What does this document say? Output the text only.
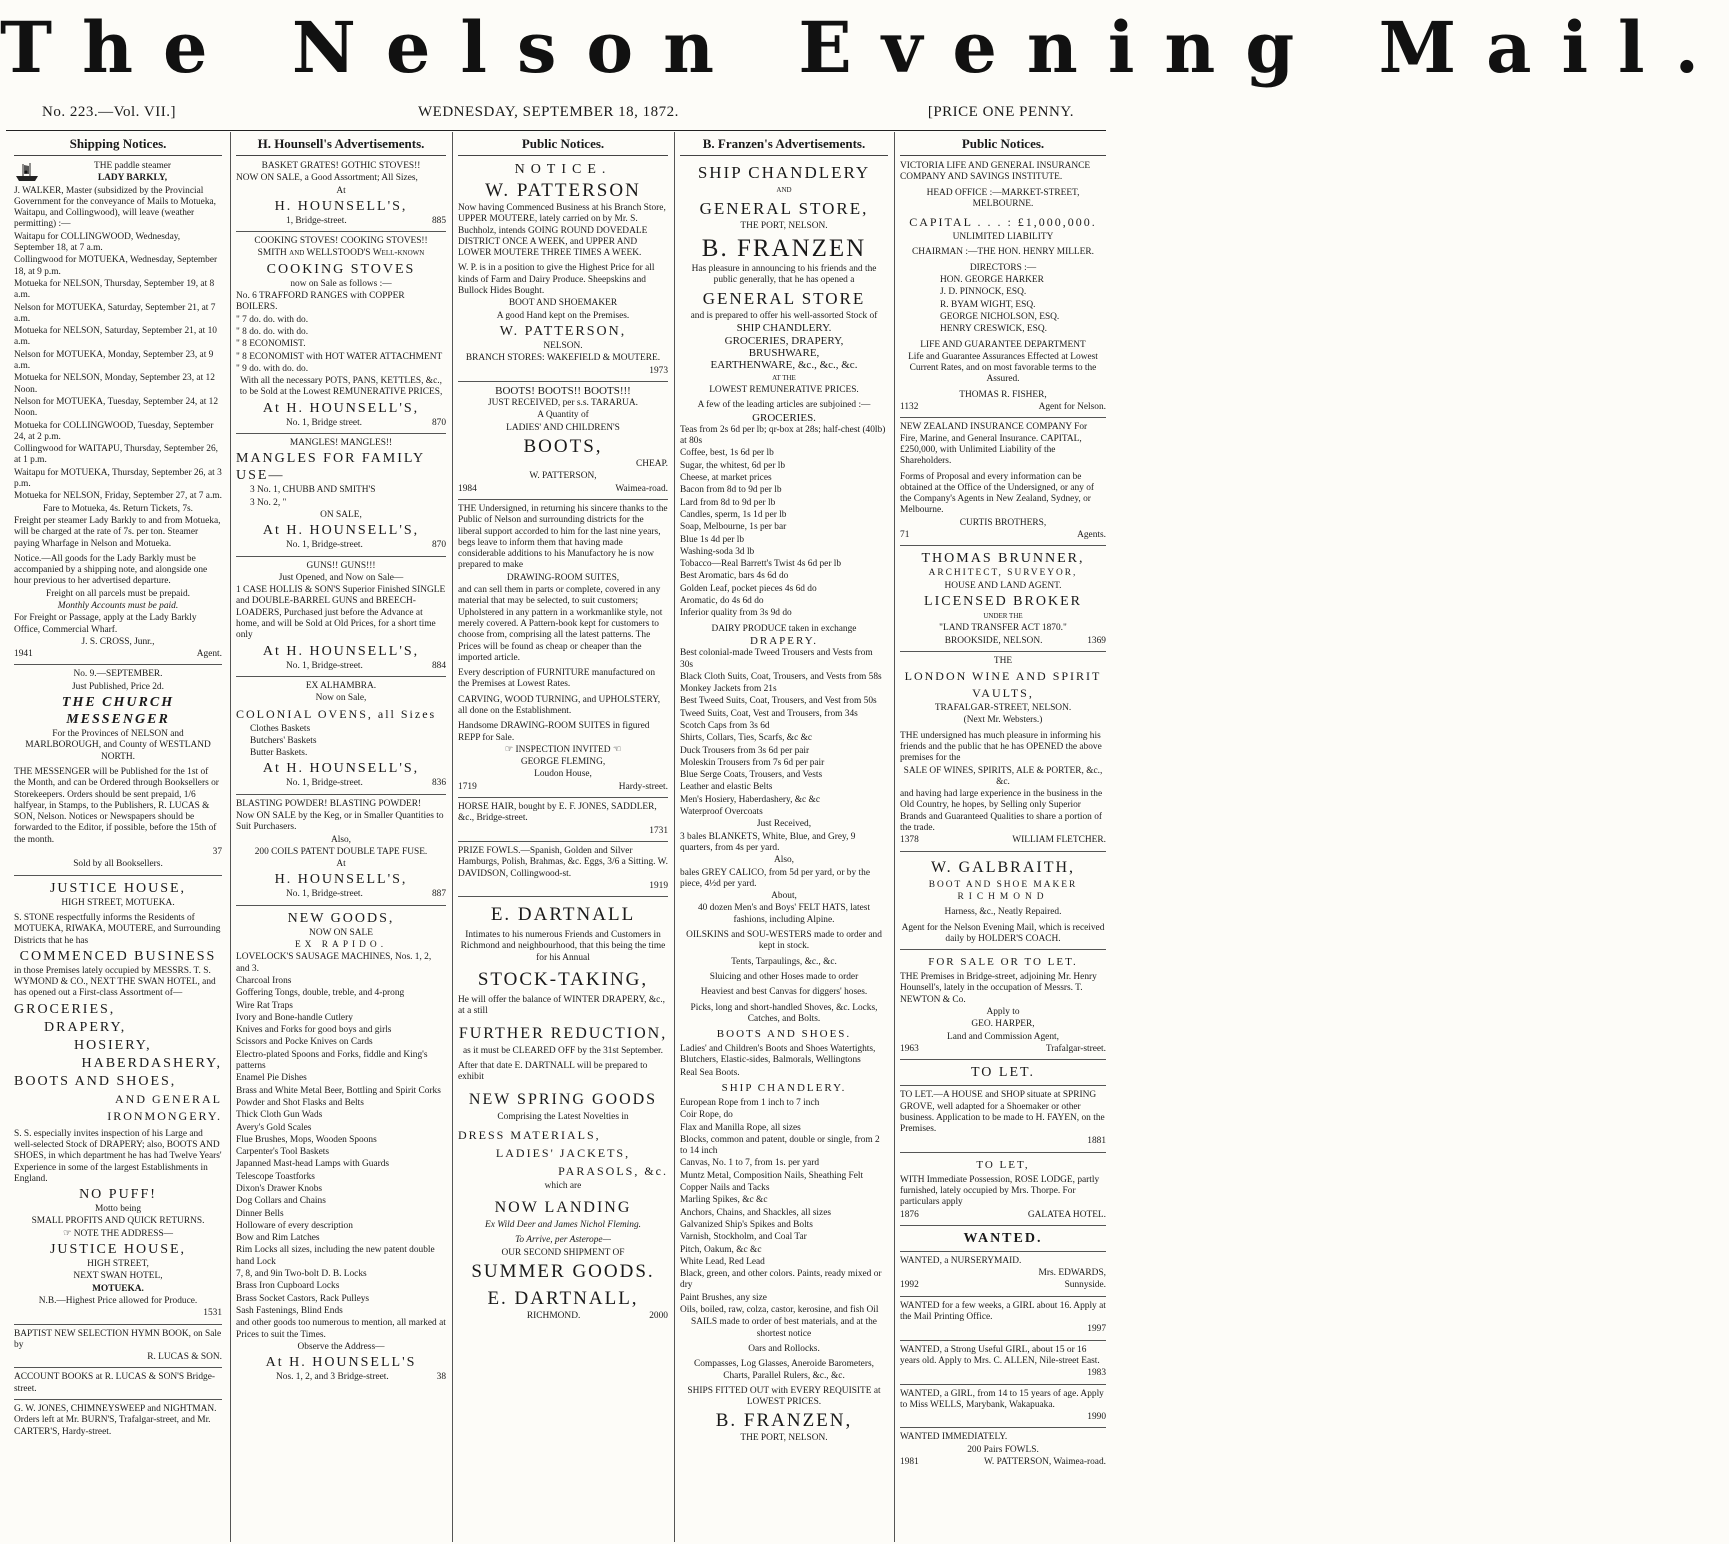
The Nelson Evening Mail.
No. 223.—Vol. VII.]	WEDNESDAY, SEPTEMBER 18, 1872.	[PRICE ONE PENNY.
Shipping Notices.

THE paddle steamer

LADY BARKLY,

J. WALKER, Master (subsidized by the Provincial Government for the conveyance of Mails to Motueka, Waitapu, and Collingwood), will leave (weather permitting) :—

Waitapu for COLLINGWOOD, Wednesday, September 18, at 7 a.m.

Collingwood for MOTUEKA, Wednesday, September 18, at 9 p.m.

Motueka for NELSON, Thursday, September 19, at 8 a.m.

Nelson for MOTUEKA, Saturday, September 21, at 7 a.m.

Motueka for NELSON, Saturday, September 21, at 10 a.m.

Nelson for MOTUEKA, Monday, September 23, at 9 a.m.

Motueka for NELSON, Monday, September 23, at 12 Noon.

Nelson for MOTUEKA, Tuesday, September 24, at 12 Noon.

Motueka for COLLINGWOOD, Tuesday, September 24, at 2 p.m.

Collingwood for WAITAPU, Thursday, September 26, at 1 p.m.

Waitapu for MOTUEKA, Thursday, September 26, at 3 p.m.

Motueka for NELSON, Friday, September 27, at 7 a.m.

Fare to Motueka, 4s. Return Tickets, 7s.

Freight per steamer Lady Barkly to and from Motueka, will be charged at the rate of 7s. per ton. Steamer paying Wharfage in Nelson and Motueka.

Notice.—All goods for the Lady Barkly must be accompanied by a shipping note, and alongside one hour previous to her advertised departure.

Freight on all parcels must be prepaid.

Monthly Accounts must be paid.

For Freight or Passage, apply at the Lady Barkly Office, Commercial Wharf.

J. S. CROSS, Junr.,

1941	Agent.

No. 9.—SEPTEMBER.

Just Published, Price 2d.

THE CHURCH MESSENGER

For the Provinces of NELSON and MARLBOROUGH, and County of WESTLAND NORTH.

THE MESSENGER will be Published for the 1st of the Month, and can be Ordered through Booksellers or Storekeepers. Orders should be sent prepaid, 1/6 halfyear, in Stamps, to the Publishers, R. LUCAS & SON, Nelson. Notices or Newspapers should be forwarded to the Editor, if possible, before the 15th of the month.

37

Sold by all Booksellers.

JUSTICE HOUSE,

HIGH STREET, MOTUEKA.

S. STONE respectfully informs the Residents of MOTUEKA, RIWAKA, MOUTERE, and Surrounding Districts that he has

COMMENCED BUSINESS

in those Premises lately occupied by MESSRS. T. S. WYMOND & CO., NEXT THE SWAN HOTEL, and has opened out a First-class Assortment of—

GROCERIES,

DRAPERY,

HOSIERY,

HABERDASHERY,

BOOTS AND SHOES,

AND GENERAL IRONMONGERY.

S. S. especially invites inspection of his Large and well-selected Stock of DRAPERY; also, BOOTS AND SHOES, in which department he has had Twelve Years' Experience in some of the largest Establishments in England.

NO PUFF!

Motto being

SMALL PROFITS AND QUICK RETURNS.

☞ NOTE THE ADDRESS—

JUSTICE HOUSE,

HIGH STREET,

NEXT SWAN HOTEL,

MOTUEKA.

N.B.—Highest Price allowed for Produce.

1531

BAPTIST NEW SELECTION HYMN BOOK, on Sale by

R. LUCAS & SON.

ACCOUNT BOOKS at R. LUCAS & SON'S Bridge-street.

G. W. JONES, CHIMNEYSWEEP and NIGHTMAN. Orders left at Mr. BURN'S, Trafalgar-street, and Mr. CARTER'S, Hardy-street.

H. Hounsell's Advertisements.

BASKET GRATES! GOTHIC STOVES!!

NOW ON SALE, a Good Assortment; All Sizes,

At

H. HOUNSELL'S,

1, Bridge-street.	885

COOKING STOVES! COOKING STOVES!!

SMITH and WELLSTOOD'S Well-known

COOKING STOVES

now on Sale as follows :—

No. 6 TRAFFORD RANGES with COPPER BOILERS.

" 7 do. do. with do.

" 8 do. do. with do.

" 8 ECONOMIST.

" 8 ECONOMIST with HOT WATER ATTACHMENT

" 9 do. with do. do.

With all the necessary POTS, PANS, KETTLES, &c., to be Sold at the Lowest REMUNERATIVE PRICES,

At H. HOUNSELL'S,

No. 1, Bridge street.	870

MANGLES! MANGLES!!

MANGLES FOR FAMILY USE—

3 No. 1, CHUBB AND SMITH'S

3 No. 2, "

ON SALE,

At H. HOUNSELL'S,

No. 1, Bridge-street.	870

GUNS!! GUNS!!!

Just Opened, and Now on Sale—

1 CASE HOLLIS & SON'S Superior Finished SINGLE and DOUBLE-BARREL GUNS and BREECH-LOADERS, Purchased just before the Advance at home, and will be Sold at Old Prices, for a short time only

At H. HOUNSELL'S,

No. 1, Bridge-street.	884

EX ALHAMBRA.

Now on Sale,

COLONIAL OVENS, all Sizes

Clothes Baskets

Butchers' Baskets

Butter Baskets.

At H. HOUNSELL'S,

No. 1, Bridge-street.	836

BLASTING POWDER! BLASTING POWDER!

Now ON SALE by the Keg, or in Smaller Quantities to Suit Purchasers.

Also,

200 COILS PATENT DOUBLE TAPE FUSE.

At

H. HOUNSELL'S,

No. 1, Bridge-street.	887

NEW GOODS,

NOW ON SALE

EX RAPIDO.

LOVELOCK'S SAUSAGE MACHINES, Nos. 1, 2, and 3.

Charcoal Irons

Goffering Tongs, double, treble, and 4-prong

Wire Rat Traps

Ivory and Bone-handle Cutlery

Knives and Forks for good boys and girls

Scissors and Pocke Knives on Cards

Electro-plated Spoons and Forks, fiddle and King's patterns

Enamel Pie Dishes

Brass and White Metal Beer, Bottling and Spirit Corks

Powder and Shot Flasks and Belts

Thick Cloth Gun Wads

Avery's Gold Scales

Flue Brushes, Mops, Wooden Spoons

Carpenter's Tool Baskets

Japanned Mast-head Lamps with Guards

Telescope Toastforks

Dixon's Drawer Knobs

Dog Collars and Chains

Dinner Bells

Holloware of every description

Bow and Rim Latches

Rim Locks all sizes, including the new patent double hand Lock

7, 8, and 9in Two-bolt D. B. Locks

Brass Iron Cupboard Locks

Brass Socket Castors, Rack Pulleys

Sash Fastenings, Blind Ends

and other goods too numerous to mention, all marked at Prices to suit the Times.

Observe the Address—

At H. HOUNSELL'S

Nos. 1, 2, and 3 Bridge-street.	38
Public Notices.

NOTICE.

W. PATTERSON

Now having Commenced Business at his Branch Store, UPPER MOUTERE, lately carried on by Mr. S. Buchholz, intends GOING ROUND DOVEDALE DISTRICT ONCE A WEEK, and UPPER AND LOWER MOUTERE THREE TIMES A WEEK.

W. P. is in a position to give the Highest Price for all kinds of Farm and Dairy Produce. Sheepskins and Bullock Hides Bought.

BOOT AND SHOEMAKER

A good Hand kept on the Premises.

W. PATTERSON,

NELSON.

BRANCH STORES: WAKEFIELD & MOUTERE.

1973

BOOTS! BOOTS!! BOOTS!!!

JUST RECEIVED, per s.s. TARARUA.

A Quantity of

LADIES' AND CHILDREN'S

BOOTS,

CHEAP.

W. PATTERSON,

1984	Waimea-road.

THE Undersigned, in returning his sincere thanks to the Public of Nelson and surrounding districts for the liberal support accorded to him for the last nine years, begs leave to inform them that having made considerable additions to his Manufactory he is now prepared to make

DRAWING-ROOM SUITES,

and can sell them in parts or complete, covered in any material that may be selected, to suit customers; Upholstered in any pattern in a workmanlike style, not merely covered. A Pattern-book kept for customers to choose from, comprising all the latest patterns. The Prices will be found as cheap or cheaper than the imported article.

Every description of FURNITURE manufactured on the Premises at Lowest Rates.

CARVING, WOOD TURNING, and UPHOLSTERY, all done on the Establishment.

Handsome DRAWING-ROOM SUITES in figured REPP for Sale.

☞ INSPECTION INVITED ☜

GEORGE FLEMING,

Loudon House,

1719	Hardy-street.

HORSE HAIR, bought by E. F. JONES, SADDLER, &c., Bridge-street.

1731

PRIZE FOWLS.—Spanish, Golden and Silver Hamburgs, Polish, Brahmas, &c. Eggs, 3/6 a Sitting. W. DAVIDSON, Collingwood-st.

1919

E. DARTNALL

Intimates to his numerous Friends and Customers in Richmond and neighbourhood, that this being the time for his Annual

STOCK-TAKING,

He will offer the balance of WINTER DRAPERY, &c., at a still

FURTHER REDUCTION,

as it must be CLEARED OFF by the 31st September.

After that date E. DARTNALL will be prepared to exhibit

NEW SPRING GOODS

Comprising the Latest Novelties in

DRESS MATERIALS,

LADIES' JACKETS,

PARASOLS, &c.

which are

NOW LANDING

Ex Wild Deer and James Nichol Fleming.

To Arrive, per Asterope—

OUR SECOND SHIPMENT OF

SUMMER GOODS.

E. DARTNALL,

RICHMOND.	2000
B. Franzen's Advertisements.

SHIP CHANDLERY

AND

GENERAL STORE,

THE PORT, NELSON.

B. FRANZEN

Has pleasure in announcing to his friends and the public generally, that he has opened a

GENERAL STORE

and is prepared to offer his well-assorted Stock of

SHIP CHANDLERY.

GROCERIES, DRAPERY,

BRUSHWARE,

EARTHENWARE, &c., &c., &c.

AT THE

LOWEST REMUNERATIVE PRICES.

A few of the leading articles are subjoined :—

GROCERIES.

Teas from 2s 6d per lb; qr-box at 28s; half-chest (40lb) at 80s

Coffee, best, 1s 6d per lb

Sugar, the whitest, 6d per lb

Cheese, at market prices

Bacon from 8d to 9d per lb

Lard from 8d to 9d per lb

Candles, sperm, 1s 1d per lb

Soap, Melbourne, 1s per bar

Blue 1s 4d per lb

Washing-soda 3d lb

Tobacco—Real Barrett's Twist 4s 6d per lb

Best Aromatic, bars 4s 6d do

Golden Leaf, pocket pieces 4s 6d do

Aromatic, do 4s 6d do

Inferior quality from 3s 9d do

DAIRY PRODUCE taken in exchange

DRAPERY.

Best colonial-made Tweed Trousers and Vests from 30s

Black Cloth Suits, Coat, Trousers, and Vests from 58s

Monkey Jackets from 21s

Best Tweed Suits, Coat, Trousers, and Vest from 50s

Tweed Suits, Coat, Vest and Trousers, from 34s

Scotch Caps from 3s 6d

Shirts, Collars, Ties, Scarfs, &c &c

Duck Trousers from 3s 6d per pair

Moleskin Trousers from 7s 6d per pair

Blue Serge Coats, Trousers, and Vests

Leather and elastic Belts

Men's Hosiery, Haberdashery, &c &c

Waterproof Overcoats

Just Received,

3 bales BLANKETS, White, Blue, and Grey, 9 quarters, from 4s per yard.

Also,

bales GREY CALICO, from 5d per yard, or by the piece, 4½d per yard.

About,

40 dozen Men's and Boys' FELT HATS, latest fashions, including Alpine.

OILSKINS and SOU-WESTERS made to order and kept in stock.

Tents, Tarpaulings, &c., &c.

Sluicing and other Hoses made to order

Heaviest and best Canvas for diggers' hoses.

Picks, long and short-handled Shoves, &c. Locks, Catches, and Bolts.

BOOTS AND SHOES.

Ladies' and Children's Boots and Shoes Watertights, Blutchers, Elastic-sides, Balmorals, Wellingtons

Real Sea Boots.

SHIP CHANDLERY.

European Rope from 1 inch to 7 inch

Coir Rope, do

Flax and Manilla Rope, all sizes

Blocks, common and patent, double or single, from 2 to 14 inch

Canvas, No. 1 to 7, from 1s. per yard

Muntz Metal, Composition Nails, Sheathing Felt

Copper Nails and Tacks

Marling Spikes, &c &c

Anchors, Chains, and Shackles, all sizes

Galvanized Ship's Spikes and Bolts

Varnish, Stockholm, and Coal Tar

Pitch, Oakum, &c &c

White Lead, Red Lead

Black, green, and other colors. Paints, ready mixed or dry

Paint Brushes, any size

Oils, boiled, raw, colza, castor, kerosine, and fish Oil

SAILS made to order of best materials, and at the shortest notice

Oars and Rollocks.

Compasses, Log Glasses, Aneroide Barometers, Charts, Parallel Rulers, &c., &c.

SHIPS FITTED OUT with EVERY REQUISITE at LOWEST PRICES.

B. FRANZEN,

THE PORT, NELSON.

Public Notices.

VICTORIA LIFE AND GENERAL INSURANCE COMPANY AND SAVINGS INSTITUTE.

HEAD OFFICE :—MARKET-STREET, MELBOURNE.

CAPITAL . . . : £1,000,000.

UNLIMITED LIABILITY

CHAIRMAN :—THE HON. HENRY MILLER.

DIRECTORS :—

HON. GEORGE HARKER

J. D. PINNOCK, ESQ.

R. BYAM WIGHT, ESQ.

GEORGE NICHOLSON, ESQ.

HENRY CRESWICK, ESQ.

LIFE AND GUARANTEE DEPARTMENT

Life and Guarantee Assurances Effected at Lowest Current Rates, and on most favorable terms to the Assured.

THOMAS R. FISHER,

1132	Agent for Nelson.

NEW ZEALAND INSURANCE COMPANY For Fire, Marine, and General Insurance. CAPITAL, £250,000, with Unlimited Liability of the Shareholders.

Forms of Proposal and every information can be obtained at the Office of the Undersigned, or any of the Company's Agents in New Zealand, Sydney, or Melbourne.

CURTIS BROTHERS,

71	Agents.

THOMAS BRUNNER,

ARCHITECT, SURVEYOR,

HOUSE AND LAND AGENT.

LICENSED BROKER

UNDER THE

"LAND TRANSFER ACT 1870."

BROOKSIDE, NELSON.	1369

THE

LONDON WINE AND SPIRIT VAULTS,

TRAFALGAR-STREET, NELSON.

(Next Mr. Websters.)

THE undersigned has much pleasure in informing his friends and the public that he has OPENED the above premises for the

SALE OF WINES, SPIRITS, ALE & PORTER, &c., &c.

and having had large experience in the business in the Old Country, he hopes, by Selling only Superior Brands and Guaranteed Qualities to share a portion of the trade.

1378	WILLIAM FLETCHER.

W. GALBRAITH,

BOOT AND SHOE MAKER

RICHMOND

Harness, &c., Neatly Repaired.

Agent for the Nelson Evening Mail, which is received daily by HOLDER'S COACH.

FOR SALE OR TO LET.

THE Premises in Bridge-street, adjoining Mr. Henry Hounsell's, lately in the occupation of Messrs. T. NEWTON & Co.

Apply to

GEO. HARPER,

Land and Commission Agent,

1963	Trafalgar-street.

TO LET.

TO LET.—A HOUSE and SHOP situate at SPRING GROVE, well adapted for a Shoemaker or other business. Application to be made to H. FAYEN, on the Premises.

1881

TO LET,

WITH Immediate Possession, ROSE LODGE, partly furnished, lately occupied by Mrs. Thorpe. For particulars apply

1876	GALATEA HOTEL.

WANTED.

WANTED, a NURSERYMAID.

Mrs. EDWARDS,

1992	Sunnyside.

WANTED for a few weeks, a GIRL about 16. Apply at the Mail Printing Office.

1997

WANTED, a Strong Useful GIRL, about 15 or 16 years old. Apply to Mrs. C. ALLEN, Nile-street East.

1983

WANTED, a GIRL, from 14 to 15 years of age. Apply to Miss WELLS, Marybank, Wakapuaka.

1990

WANTED IMMEDIATELY.

200 Pairs FOWLS.

1981	W. PATTERSON, Waimea-road.
